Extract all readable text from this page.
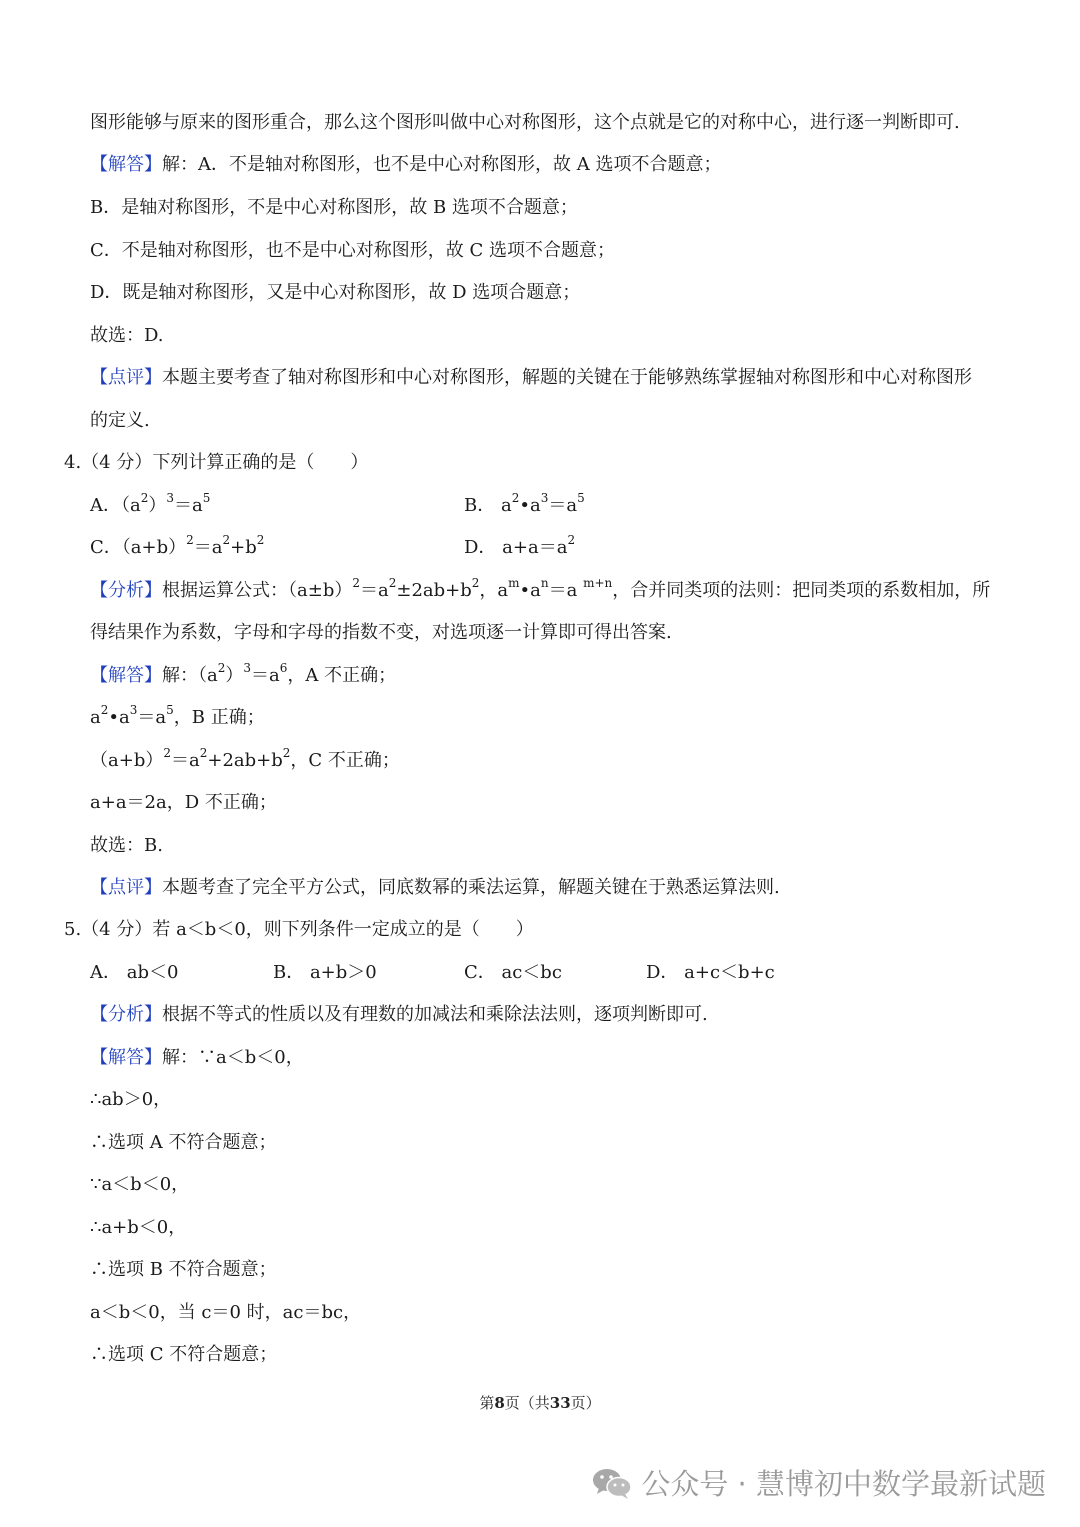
图形能够与原来的图形重合，那么这个图形叫做中心对称图形，这个点就是它的对称中心，进行逐一判断即可.
【解答】解：A．不是轴对称图形，也不是中心对称图形，故 A 选项不合题意；
B．是轴对称图形，不是中心对称图形，故 B 选项不合题意；
C．不是轴对称图形，也不是中心对称图形，故 C 选项不合题意；
D．既是轴对称图形，又是中心对称图形，故 D 选项合题意；
故选：D.
【点评】本题主要考查了轴对称图形和中心对称图形，解题的关键在于能够熟练掌握轴对称图形和中心对称图形
的定义.
4.（4 分）下列计算正确的是（　　）
A．$(a^2)^3=a^5$	B． $a^2•a^3=a^5$
C．$(a+b)^2=a^2+b^2$	D． $a+a=a^2$
【分析】根据运算公式：$(a\pm b)^2=a^2\pm 2ab+b^2$，$a^m•a^n=a$ $^{m+n}$，合并同类项的法则：把同类项的系数相加，所
得结果作为系数，字母和字母的指数不变，对选项逐一计算即可得出答案.
【解答】解：$(a^2)^3=a^6$，A 不正确；
$a^2•a^3=a^5$，B 正确；
$(a+b)^2=a^2+2ab+b^2$，C 不正确；
a+a＝2a，D 不正确；
故选：B.
【点评】本题考查了完全平方公式，同底数幂的乘法运算，解题关键在于熟悉运算法则.
5.（4 分）若 a＜b＜0，则下列条件一定成立的是（　　）
A． ab＜0	B． a+b＞0	C． ac＜bc	D． a+c＜b+c
【分析】根据不等式的性质以及有理数的加减法和乘除法法则，逐项判断即可.
【解答】解：∵a＜b＜0，
∴ab＞0，
∴选项 A 不符合题意；
∵a＜b＜0，
∴a+b＜0，
∴选项 B 不符合题意；
a＜b＜0，当 c＝0 时，ac＝bc，
∴选项 C 不符合题意；
第8页（共33页）
公众号 · 慧博初中数学最新试题
